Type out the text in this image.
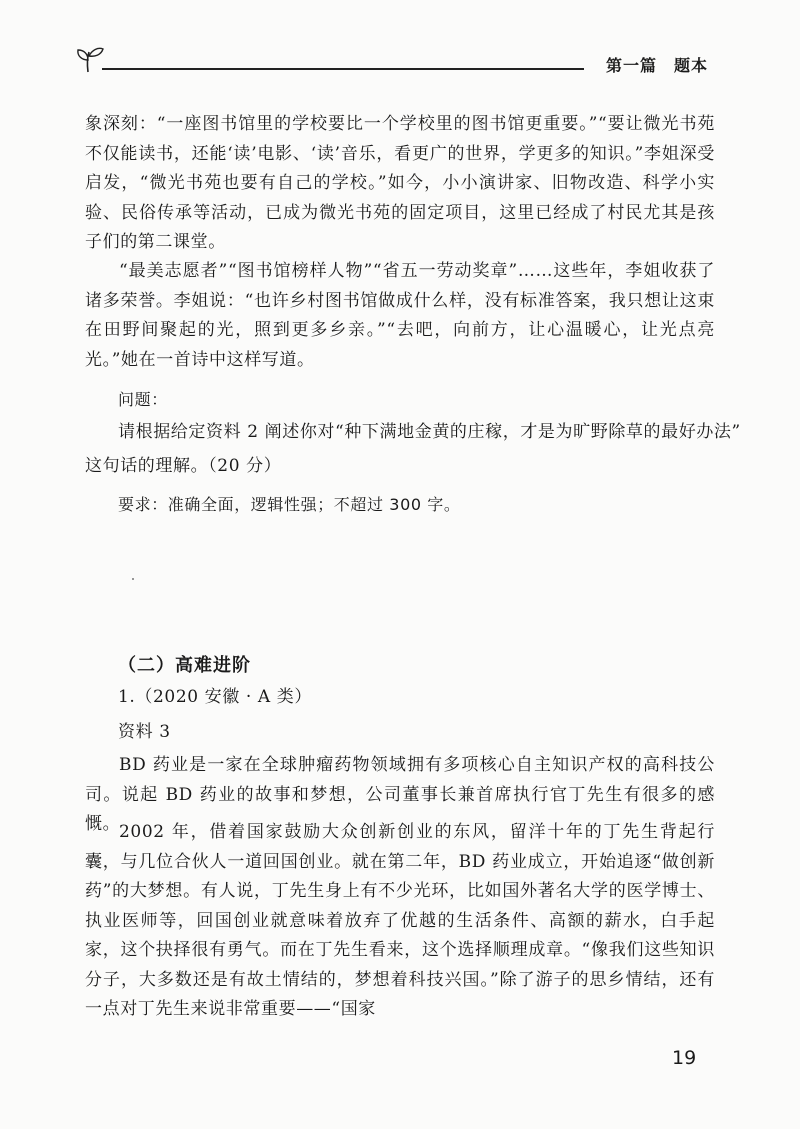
第一篇　题本
象深刻：“一座图书馆里的学校要比一个学校里的图书馆更重要。”“要让微光书苑不仅能读书，还能‘读’电影、‘读’音乐，看更广的世界，学更多的知识。”李姐深受启发，“微光书苑也要有自己的学校。”如今，小小演讲家、旧物改造、科学小实验、民俗传承等活动，已成为微光书苑的固定项目，这里已经成了村民尤其是孩子们的第二课堂。
“最美志愿者”“图书馆榜样人物”“省五一劳动奖章”……这些年，李姐收获了诸多荣誉。李姐说：“也许乡村图书馆做成什么样，没有标准答案，我只想让这束在田野间聚起的光，照到更多乡亲。”“去吧，向前方，让心温暖心，让光点亮光。”她在一首诗中这样写道。
问题：
请根据给定资料 2 阐述你对“种下满地金黄的庄稼，才是为旷野除草的最好办法”
这句话的理解。（20 分）
要求：准确全面，逻辑性强；不超过 300 字。
（二）高难进阶
1.（2020 安徽 · A 类）
资料 3
BD 药业是一家在全球肿瘤药物领域拥有多项核心自主知识产权的高科技公司。说起 BD 药业的故事和梦想，公司董事长兼首席执行官丁先生有很多的感慨。
2002 年，借着国家鼓励大众创新创业的东风，留洋十年的丁先生背起行囊，与几位合伙人一道回国创业。就在第二年，BD 药业成立，开始追逐“做创新药”的大梦想。有人说，丁先生身上有不少光环，比如国外著名大学的医学博士、执业医师等，回国创业就意味着放弃了优越的生活条件、高额的薪水，白手起家，这个抉择很有勇气。而在丁先生看来，这个选择顺理成章。“像我们这些知识分子，大多数还是有故土情结的，梦想着科技兴国。”除了游子的思乡情结，还有一点对丁先生来说非常重要——“国家
19
